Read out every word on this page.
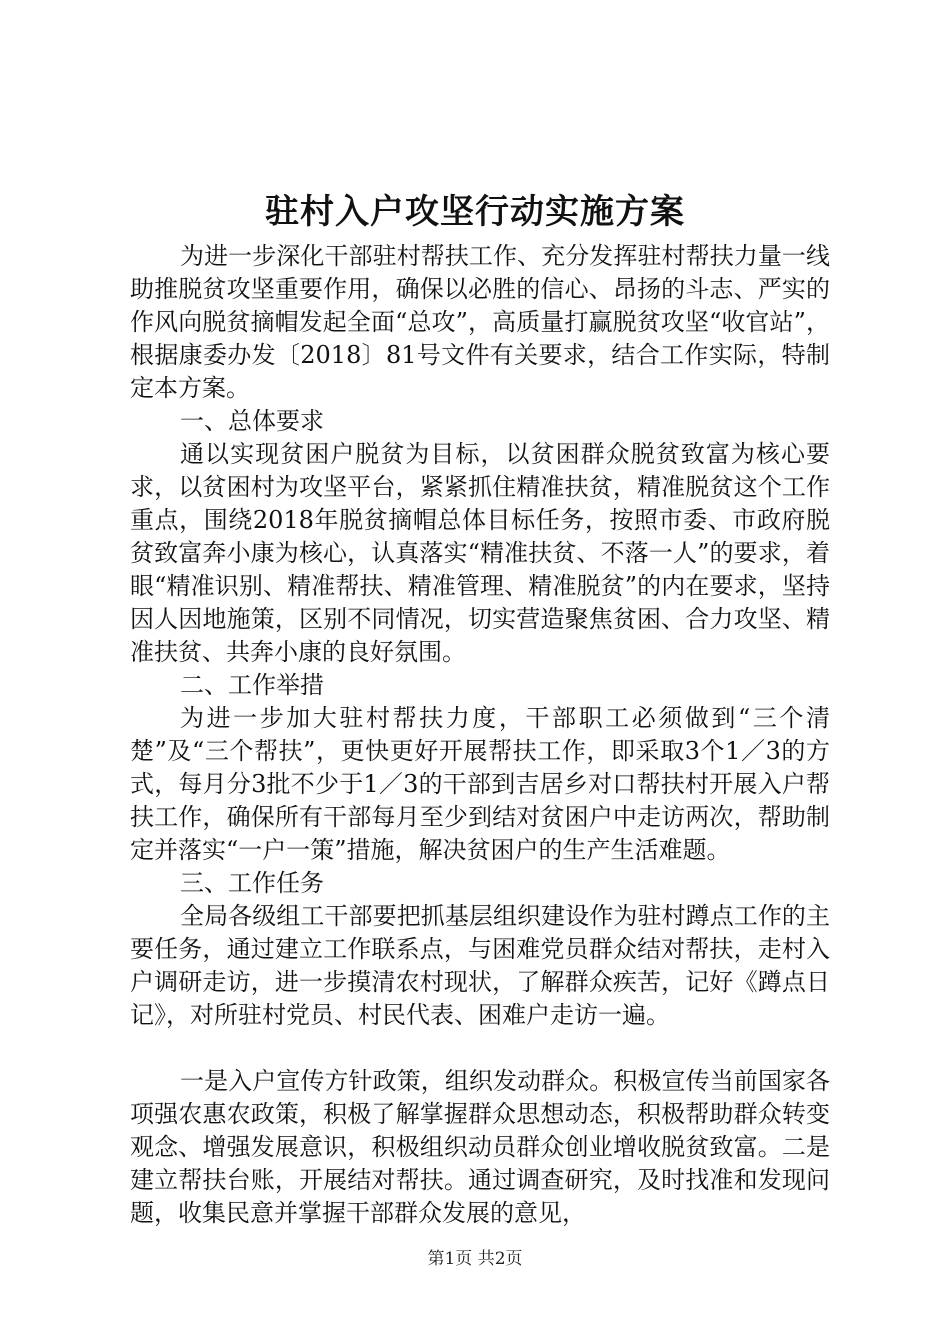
驻村入户攻坚行动实施方案

为进一步深化干部驻村帮扶工作、充分发挥驻村帮扶力量一线助推脱贫攻坚重要作用，确保以必胜的信心、昂扬的斗志、严实的作风向脱贫摘帽发起全面“总攻”，高质量打赢脱贫攻坚“收官站”，根据康委办发〔2018〕81号文件有关要求，结合工作实际，特制定本方案。

一、总体要求

通以实现贫困户脱贫为目标，以贫困群众脱贫致富为核心要求，以贫困村为攻坚平台，紧紧抓住精准扶贫，精准脱贫这个工作重点，围绕2018年脱贫摘帽总体目标任务，按照市委、市政府脱贫致富奔小康为核心，认真落实“精准扶贫、不落一人”的要求，着眼“精准识别、精准帮扶、精准管理、精准脱贫”的内在要求，坚持因人因地施策，区别不同情况，切实营造聚焦贫困、合力攻坚、精准扶贫、共奔小康的良好氛围。

二、工作举措

为进一步加大驻村帮扶力度，干部职工必须做到“三个清楚”及“三个帮扶”，更快更好开展帮扶工作，即采取3个1／3的方式，每月分3批不少于1／3的干部到吉居乡对口帮扶村开展入户帮扶工作，确保所有干部每月至少到结对贫困户中走访两次，帮助制定并落实“一户一策”措施，解决贫困户的生产生活难题。

三、工作任务

全局各级组工干部要把抓基层组织建设作为驻村蹲点工作的主要任务，通过建立工作联系点，与困难党员群众结对帮扶，走村入户调研走访，进一步摸清农村现状，了解群众疾苦，记好《蹲点日记》，对所驻村党员、村民代表、困难户走访一遍。

一是入户宣传方针政策，组织发动群众。积极宣传当前国家各项强农惠农政策，积极了解掌握群众思想动态，积极帮助群众转变观念、增强发展意识，积极组织动员群众创业增收脱贫致富。二是建立帮扶台账，开展结对帮扶。通过调查研究，及时找准和发现问题，收集民意并掌握干部群众发展的意见，

第1页 共2页
